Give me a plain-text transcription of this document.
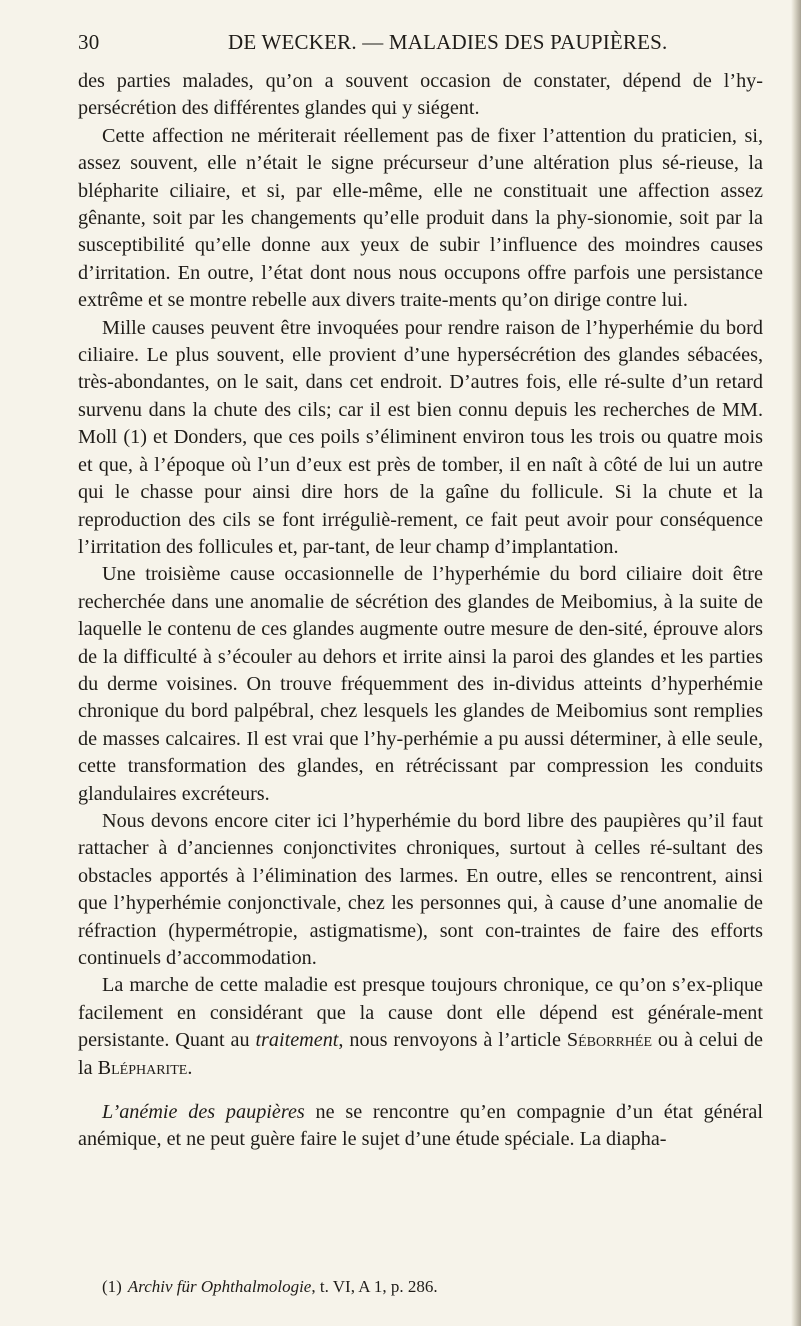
30	DE WECKER. — MALADIES DES PAUPIÈRES.

des parties malades, qu’on a souvent occasion de constater, dépend de l’hy-persécrétion des différentes glandes qui y siégent.

Cette affection ne mériterait réellement pas de fixer l’attention du praticien, si, assez souvent, elle n’était le signe précurseur d’une altération plus sé-rieuse, la blépharite ciliaire, et si, par elle-même, elle ne constituait une affection assez gênante, soit par les changements qu’elle produit dans la phy-sionomie, soit par la susceptibilité qu’elle donne aux yeux de subir l’influence des moindres causes d’irritation. En outre, l’état dont nous nous occupons offre parfois une persistance extrême et se montre rebelle aux divers traite-ments qu’on dirige contre lui.

Mille causes peuvent être invoquées pour rendre raison de l’hyperhémie du bord ciliaire. Le plus souvent, elle provient d’une hypersécrétion des glandes sébacées, très-abondantes, on le sait, dans cet endroit. D’autres fois, elle ré-sulte d’un retard survenu dans la chute des cils; car il est bien connu depuis les recherches de MM. Moll (1) et Donders, que ces poils s’éliminent environ tous les trois ou quatre mois et que, à l’époque où l’un d’eux est près de tomber, il en naît à côté de lui un autre qui le chasse pour ainsi dire hors de la gaîne du follicule. Si la chute et la reproduction des cils se font irréguliè-rement, ce fait peut avoir pour conséquence l’irritation des follicules et, par-tant, de leur champ d’implantation.

Une troisième cause occasionnelle de l’hyperhémie du bord ciliaire doit être recherchée dans une anomalie de sécrétion des glandes de Meibomius, à la suite de laquelle le contenu de ces glandes augmente outre mesure de den-sité, éprouve alors de la difficulté à s’écouler au dehors et irrite ainsi la paroi des glandes et les parties du derme voisines. On trouve fréquemment des in-dividus atteints d’hyperhémie chronique du bord palpébral, chez lesquels les glandes de Meibomius sont remplies de masses calcaires. Il est vrai que l’hy-perhémie a pu aussi déterminer, à elle seule, cette transformation des glandes, en rétrécissant par compression les conduits glandulaires excréteurs.

Nous devons encore citer ici l’hyperhémie du bord libre des paupières qu’il faut rattacher à d’anciennes conjonctivites chroniques, surtout à celles ré-sultant des obstacles apportés à l’élimination des larmes. En outre, elles se rencontrent, ainsi que l’hyperhémie conjonctivale, chez les personnes qui, à cause d’une anomalie de réfraction (hypermétropie, astigmatisme), sont con-traintes de faire des efforts continuels d’accommodation.

La marche de cette maladie est presque toujours chronique, ce qu’on s’ex-plique facilement en considérant que la cause dont elle dépend est générale-ment persistante. Quant au traitement, nous renvoyons à l’article Séborrhée ou à celui de la Blépharite.

L’anémie des paupières ne se rencontre qu’en compagnie d’un état général anémique, et ne peut guère faire le sujet d’une étude spéciale. La diapha-

(1) Archiv für Ophthalmologie, t. VI, A 1, p. 286.
